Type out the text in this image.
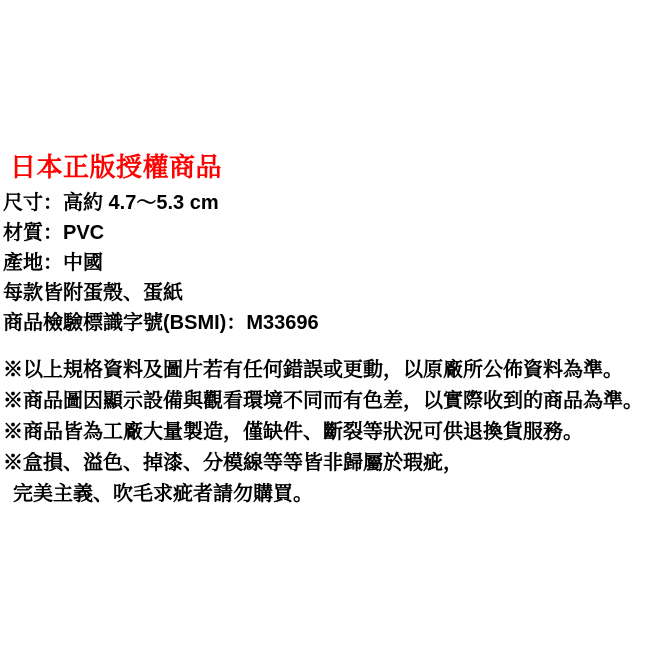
日本正版授權商品
尺寸：高約 4.7～5.3 cm
材質：PVC
產地：中國
每款皆附蛋殼、蛋紙
商品檢驗標識字號(BSMI)：M33696
※以上規格資料及圖片若有任何錯誤或更動，以原廠所公佈資料為準。
※商品圖因顯示設備與觀看環境不同而有色差，以實際收到的商品為準。
※商品皆為工廠大量製造，僅缺件、斷裂等狀況可供退換貨服務。
※盒損、溢色、掉漆、分模線等等皆非歸屬於瑕疵，
完美主義、吹毛求疵者請勿購買。
